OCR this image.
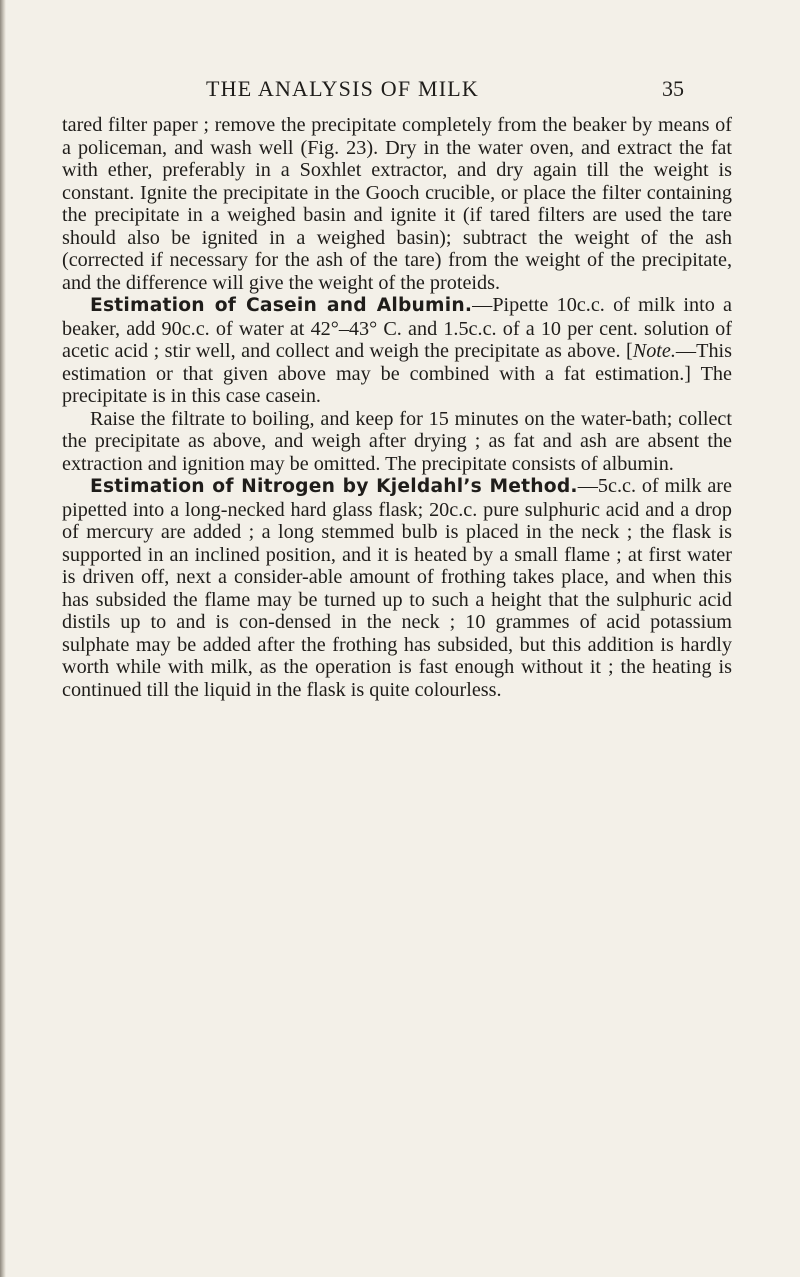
THE ANALYSIS OF MILK	35

tared filter paper ; remove the precipitate completely from the beaker by means of a policeman, and wash well (Fig. 23). Dry in the water oven, and extract the fat with ether, preferably in a Soxhlet extractor, and dry again till the weight is constant. Ignite the precipitate in the Gooch crucible, or place the filter containing the precipitate in a weighed basin and ignite it (if tared filters are used the tare should also be ignited in a weighed basin); subtract the weight of the ash (corrected if necessary for the ash of the tare) from the weight of the precipitate, and the difference will give the weight of the proteids.

Estimation of Casein and Albumin.—Pipette 10c.c. of milk into a beaker, add 90c.c. of water at 42°–43° C. and 1.5c.c. of a 10 per cent. solution of acetic acid ; stir well, and collect and weigh the precipitate as above. [Note.—This estimation or that given above may be combined with a fat estimation.] The precipitate is in this case casein.

Raise the filtrate to boiling, and keep for 15 minutes on the water-bath; collect the precipitate as above, and weigh after drying ; as fat and ash are absent the extraction and ignition may be omitted. The precipitate consists of albumin.

Estimation of Nitrogen by Kjeldahl’s Method.—5c.c. of milk are pipetted into a long-necked hard glass flask; 20c.c. pure sulphuric acid and a drop of mercury are added ; a long stemmed bulb is placed in the neck ; the flask is supported in an inclined position, and it is heated by a small flame ; at first water is driven off, next a consider-able amount of frothing takes place, and when this has subsided the flame may be turned up to such a height that the sulphuric acid distils up to and is con-densed in the neck ; 10 grammes of acid potassium sulphate may be added after the frothing has subsided, but this addition is hardly worth while with milk, as the operation is fast enough without it ; the heating is continued till the liquid in the flask is quite colourless.
